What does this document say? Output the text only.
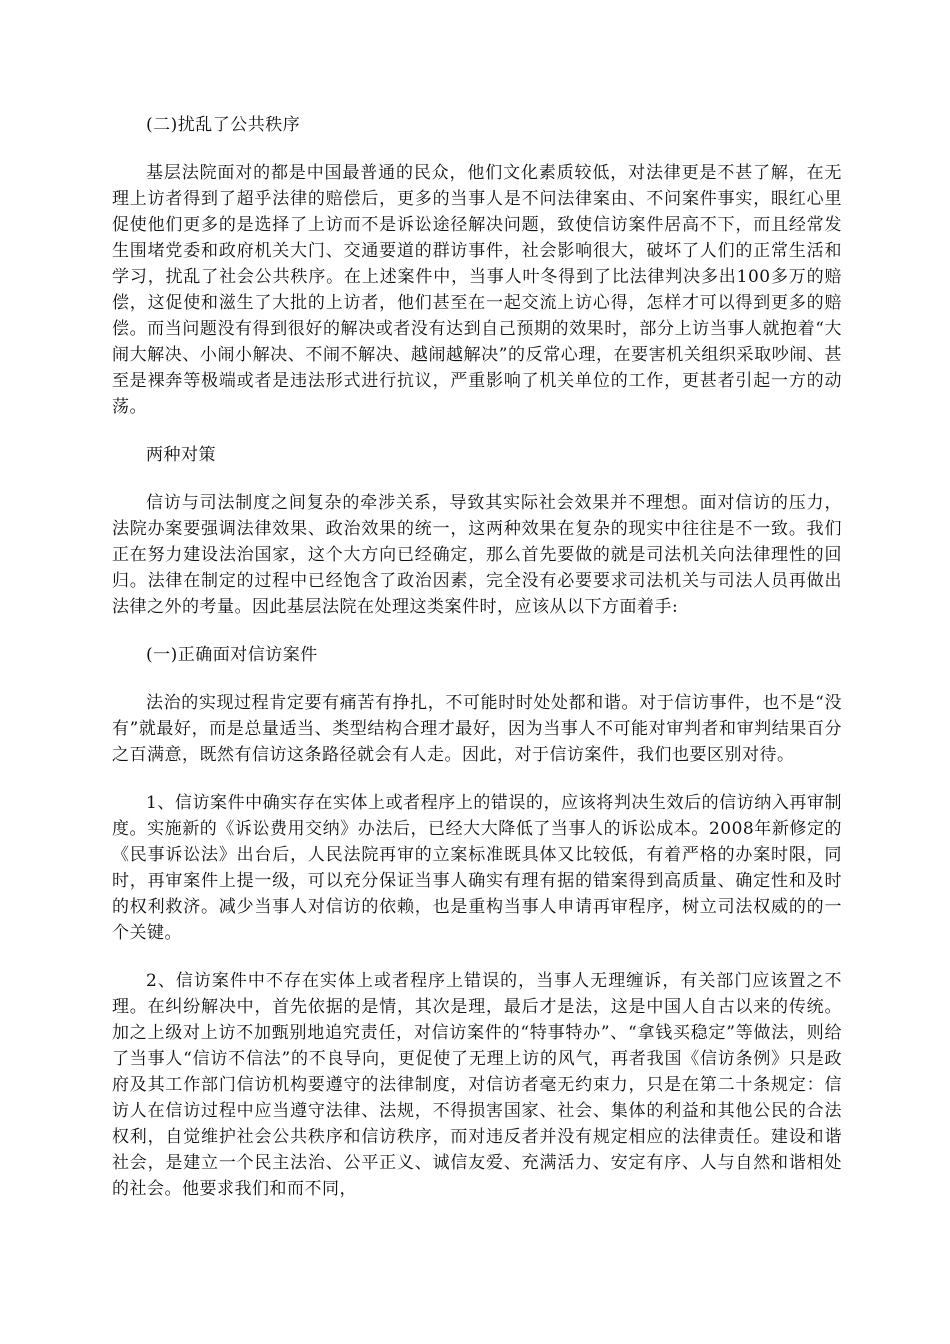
(二)扰乱了公共秩序

基层法院面对的都是中国最普通的民众，他们文化素质较低，对法律更是不甚了解，在无理上访者得到了超乎法律的赔偿后，更多的当事人是不问法律案由、不问案件事实，眼红心里促使他们更多的是选择了上访而不是诉讼途径解决问题，致使信访案件居高不下，而且经常发生围堵党委和政府机关大门、交通要道的群访事件，社会影响很大，破坏了人们的正常生活和学习，扰乱了社会公共秩序。在上述案件中，当事人叶冬得到了比法律判决多出100多万的赔偿，这促使和滋生了大批的上访者，他们甚至在一起交流上访心得，怎样才可以得到更多的赔偿。而当问题没有得到很好的解决或者没有达到自己预期的效果时，部分上访当事人就抱着“大闹大解决、小闹小解决、不闹不解决、越闹越解决”的反常心理，在要害机关组织采取吵闹、甚至是裸奔等极端或者是违法形式进行抗议，严重影响了机关单位的工作，更甚者引起一方的动荡。

两种对策

信访与司法制度之间复杂的牵涉关系，导致其实际社会效果并不理想。面对信访的压力，法院办案要强调法律效果、政治效果的统一，这两种效果在复杂的现实中往往是不一致。我们正在努力建设法治国家，这个大方向已经确定，那么首先要做的就是司法机关向法律理性的回归。法律在制定的过程中已经饱含了政治因素，完全没有必要要求司法机关与司法人员再做出法律之外的考量。因此基层法院在处理这类案件时，应该从以下方面着手:

(一)正确面对信访案件

法治的实现过程肯定要有痛苦有挣扎，不可能时时处处都和谐。对于信访事件，也不是“没有”就最好，而是总量适当、类型结构合理才最好，因为当事人不可能对审判者和审判结果百分之百满意，既然有信访这条路径就会有人走。因此，对于信访案件，我们也要区别对待。

1、信访案件中确实存在实体上或者程序上的错误的，应该将判决生效后的信访纳入再审制度。实施新的《诉讼费用交纳》办法后，已经大大降低了当事人的诉讼成本。2008年新修定的《民事诉讼法》出台后，人民法院再审的立案标准既具体又比较低，有着严格的办案时限，同时，再审案件上提一级，可以充分保证当事人确实有理有据的错案得到高质量、确定性和及时的权利救济。减少当事人对信访的依赖，也是重构当事人申请再审程序，树立司法权威的的一个关键。

2、信访案件中不存在实体上或者程序上错误的，当事人无理缠诉，有关部门应该置之不理。在纠纷解决中，首先依据的是情，其次是理，最后才是法，这是中国人自古以来的传统。加之上级对上访不加甄别地追究责任，对信访案件的“特事特办”、“拿钱买稳定”等做法，则给了当事人“信访不信法”的不良导向，更促使了无理上访的风气，再者我国《信访条例》只是政府及其工作部门信访机构要遵守的法律制度，对信访者毫无约束力，只是在第二十条规定：信访人在信访过程中应当遵守法律、法规，不得损害国家、社会、集体的利益和其他公民的合法权利，自觉维护社会公共秩序和信访秩序，而对违反者并没有规定相应的法律责任。建设和谐社会，是建立一个民主法治、公平正义、诚信友爱、充满活力、安定有序、人与自然和谐相处的社会。他要求我们和而不同，
